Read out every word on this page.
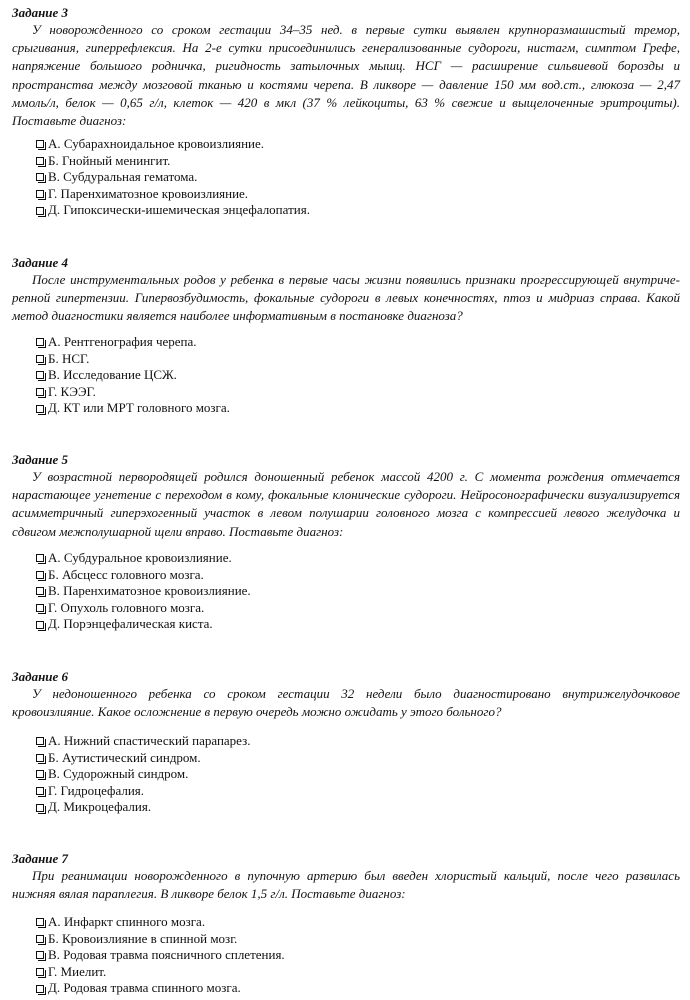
Задание 3

У новорожденного со сроком гестации 34–35 нед. в первые сутки выявлен крупноразмашистый тремор, срыгивания, гиперрефлексия. На 2-е сутки присоединились генерализованные судороги, нистагм, симптом Грефе, напряжение большого родничка, ригидность затылочных мышц. НСГ — расширение сильвиевой борозды и пространства между мозговой тканью и костями черепа. В ликворе — давление 150 мм вод.ст., глюкоза — 2,47 ммоль/л, белок — 0,65 г/л, клеток — 420 в мкл (37 % лейкоциты, 63 % свежие и выщелоченные эритроциты). Поставьте диагноз:

А. Субарахноидальное кровоизлияние.
Б. Гнойный менингит.
В. Субдуральная гематома.
Г. Паренхиматозное кровоизлияние.
Д. Гипоксически-ишемическая энцефалопатия.
Задание 4

После инструментальных родов у ребенка в первые часы жизни появились признаки прогрессирующей внутриче- репной гипертензии. Гипервозбудимость, фокальные судороги в левых конечностях, птоз и мидриаз справа. Какой метод диагностики является наиболее информативным в постановке диагноза?

А. Рентгенография черепа.
Б. НСГ.
В. Исследование ЦСЖ.
Г. КЭЭГ.
Д. КТ или МРТ головного мозга.
Задание 5

У возрастной первородящей родился доношенный ребенок массой 4200 г. С момента рождения отмечается нарастающее угнетение с переходом в кому, фокальные клонические судороги. Нейросонографически визуализируется асимметричный гиперэхогенный участок в левом полушарии головного мозга с компрессией левого желудочка и сдвигом межполушарной щели вправо. Поставьте диагноз:

А. Субдуральное кровоизлияние.
Б. Абсцесс головного мозга.
В. Паренхиматозное кровоизлияние.
Г. Опухоль головного мозга.
Д. Порэнцефалическая киста.
Задание 6

У недоношенного ребенка со сроком гестации 32 недели было диагностировано внутрижелудочковое кровоизлияние. Какое осложнение в первую очередь можно ожидать у этого больного?

А. Нижний спастический парапарез.
Б. Аутистический синдром.
В. Судорожный синдром.
Г. Гидроцефалия.
Д. Микроцефалия.
Задание 7

При реанимации новорожденного в пупочную артерию был введен хлористый кальций, после чего развилась нижняя вялая параплегия. В ликворе белок 1,5 г/л. Поставьте диагноз:

А. Инфаркт спинного мозга.
Б. Кровоизлияние в спинной мозг.
В. Родовая травма поясничного сплетения.
Г. Миелит.
Д. Родовая травма спинного мозга.
